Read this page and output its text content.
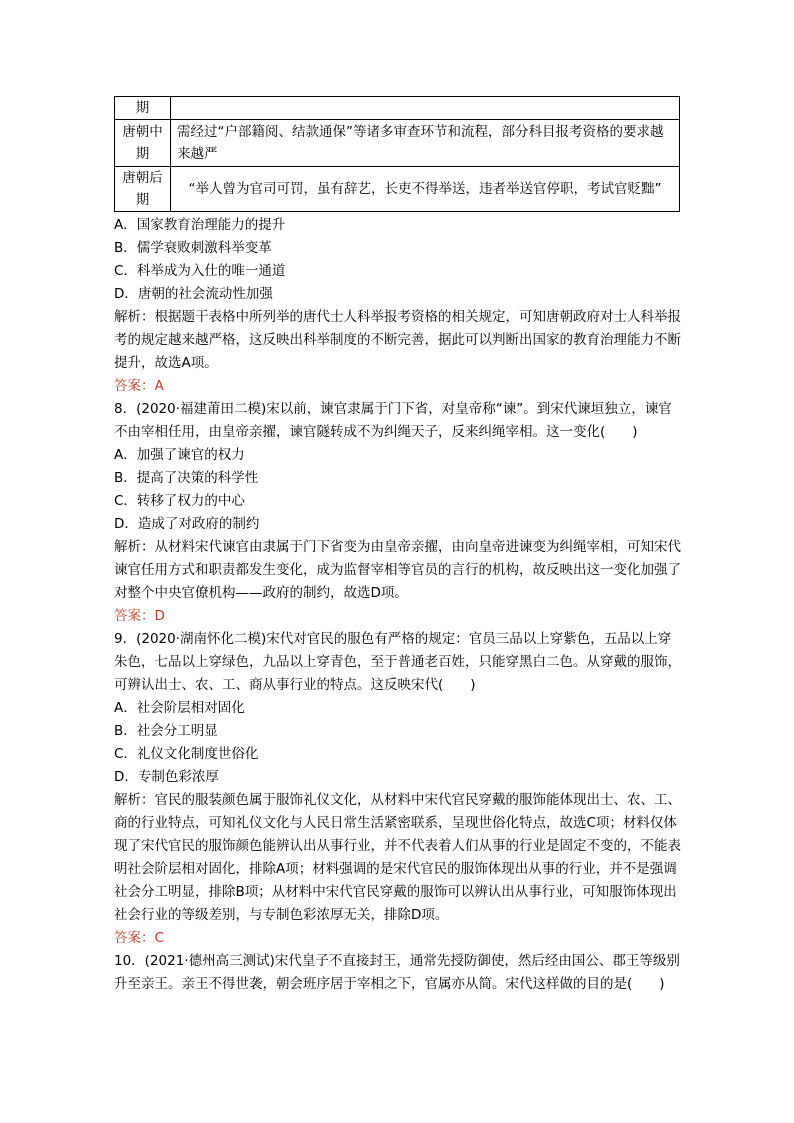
期	
唐朝中期	需经过“户部籍阅、结款通保”等诸多审查环节和流程，部分科目报考资格的要求越来越严
唐朝后期	“举人曾为官司可罚，虽有辞艺，长吏不得举送，违者举送官停职，考试官贬黜”

A．国家教育治理能力的提升

B．儒学衰败刺激科举变革

C．科举成为入仕的唯一通道

D．唐朝的社会流动性加强

解析：根据题干表格中所列举的唐代士人科举报考资格的相关规定，可知唐朝政府对士人科举报考的规定越来越严格，这反映出科举制度的不断完善，据此可以判断出国家的教育治理能力不断提升，故选A项。

答案：A

8．(2020·福建莆田二模)宋以前，谏官隶属于门下省，对皇帝称“谏”。到宋代谏垣独立，谏官不由宰相任用，由皇帝亲擢，谏官隧转成不为纠绳天子，反来纠绳宰相。这一变化(　　)

A．加强了谏官的权力

B．提高了决策的科学性

C．转移了权力的中心

D．造成了对政府的制约

解析：从材料宋代谏官由隶属于门下省变为由皇帝亲擢，由向皇帝进谏变为纠绳宰相，可知宋代谏官任用方式和职责都发生变化，成为监督宰相等官员的言行的机构，故反映出这一变化加强了对整个中央官僚机构——政府的制约，故选D项。

答案：D

9．(2020·湖南怀化二模)宋代对官民的服色有严格的规定：官员三品以上穿紫色，五品以上穿朱色，七品以上穿绿色，九品以上穿青色，至于普通老百姓，只能穿黑白二色。从穿戴的服饰，可辨认出士、农、工、商从事行业的特点。这反映宋代(　　)

A．社会阶层相对固化

B．社会分工明显

C．礼仪文化制度世俗化

D．专制色彩浓厚

解析：官民的服装颜色属于服饰礼仪文化，从材料中宋代官民穿戴的服饰能体现出士、农、工、商的行业特点，可知礼仪文化与人民日常生活紧密联系，呈现世俗化特点，故选C项；材料仅体现了宋代官民的服饰颜色能辨认出从事行业，并不代表着人们从事的行业是固定不变的，不能表明社会阶层相对固化，排除A项；材料强调的是宋代官民的服饰体现出从事的行业，并不是强调社会分工明显，排除B项；从材料中宋代官民穿戴的服饰可以辨认出从事行业，可知服饰体现出社会行业的等级差别，与专制色彩浓厚无关，排除D项。

答案：C

10．(2021·德州高三测试)宋代皇子不直接封王，通常先授防御使，然后经由国公、郡王等级别升至亲王。亲王不得世袭，朝会班序居于宰相之下，官属亦从简。宋代这样做的目的是(　　)
